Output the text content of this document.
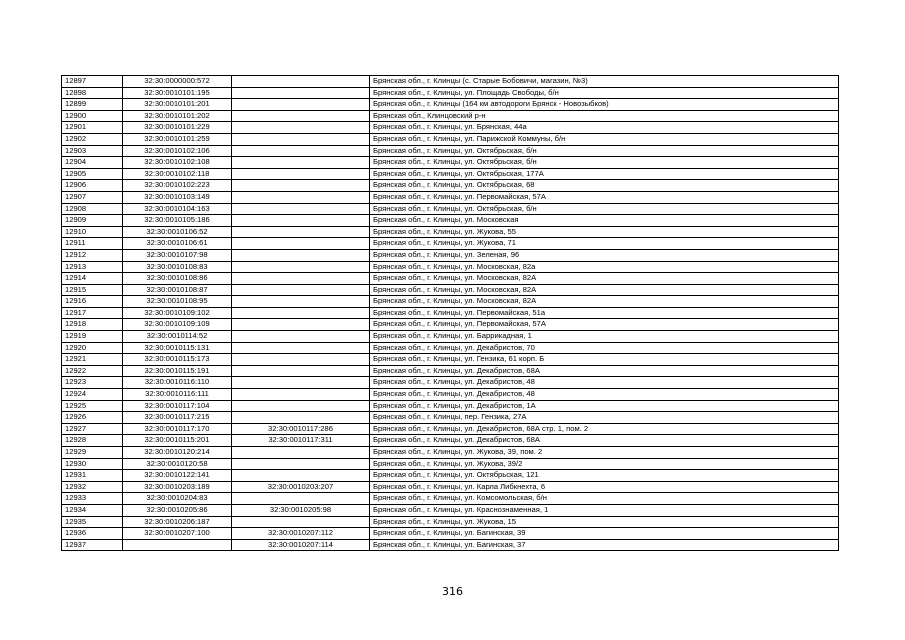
12897	32:30:0000000:572		Брянская обл., г. Клинцы (с. Старые Бобовичи, магазин, №3)
12898	32:30:0010101:195		Брянская обл., г. Клинцы, ул. Площадь Свободы, б/н
12899	32:30:0010101:201		Брянская обл., г. Клинцы (164 км автодороги Брянск - Новозыбков)
12900	32:30:0010101:202		Брянская обл., Клинцовский р-н
12901	32:30:0010101:229		Брянская обл., г. Клинцы, ул. Брянская, 44а
12902	32:30:0010101:259		Брянская обл., г. Клинцы, ул. Парижской Коммуны, б/н
12903	32:30:0010102:106		Брянская обл., г. Клинцы, ул. Октябрьская, б/н
12904	32:30:0010102:108		Брянская обл., г. Клинцы, ул. Октябрьская, б/н
12905	32:30:0010102:118		Брянская обл., г. Клинцы, ул. Октябрьская, 177А
12906	32:30:0010102:223		Брянская обл., г. Клинцы, ул. Октябрьская, 68
12907	32:30:0010103:149		Брянская обл., г. Клинцы, ул. Первомайская, 57А
12908	32:30:0010104:163		Брянская обл., г. Клинцы, ул. Октябрьская, б/н
12909	32:30:0010105:186		Брянская обл., г. Клинцы, ул. Московская
12910	32:30:0010106:52		Брянская обл., г. Клинцы, ул. Жукова, 55
12911	32:30:0010106:61		Брянская обл., г. Клинцы, ул. Жукова, 71
12912	32:30:0010107:98		Брянская обл., г. Клинцы, ул. Зеленая, 96
12913	32:30:0010108:83		Брянская обл., г. Клинцы, ул. Московская, 82а
12914	32:30:0010108:86		Брянская обл., г. Клинцы, ул. Московская, 82А
12915	32:30:0010108:87		Брянская обл., г. Клинцы, ул. Московская, 82А
12916	32:30:0010108:95		Брянская обл., г. Клинцы, ул. Московская, 82А
12917	32:30:0010109:102		Брянская обл., г. Клинцы, ул. Первомайская, 51а
12918	32:30:0010109:109		Брянская обл., г. Клинцы, ул. Первомайская, 57А
12919	32:30:0010114:52		Брянская обл., г. Клинцы, ул. Баррикадная, 1
12920	32:30:0010115:131		Брянская обл., г. Клинцы, ул. Декабристов, 70
12921	32:30:0010115:173		Брянская обл., г. Клинцы, ул. Гензика, 61 корп. Б
12922	32:30:0010115:191		Брянская обл., г. Клинцы, ул. Декабристов, 68А
12923	32:30:0010116:110		Брянская обл., г. Клинцы, ул. Декабристов, 48
12924	32:30:0010116:111		Брянская обл., г. Клинцы, ул. Декабристов, 48
12925	32:30:0010117:104		Брянская обл., г. Клинцы, ул. Декабристов, 1А
12926	32:30:0010117:215		Брянская обл., г. Клинцы, пер. Гензика, 27А
12927	32:30:0010117:170	32:30:0010117:286	Брянская обл., г. Клинцы, ул. Декабристов, 68А стр. 1, пом. 2
12928	32:30:0010115:201	32:30:0010117:311	Брянская обл., г. Клинцы, ул. Декабристов, 68А
12929	32:30:0010120:214		Брянская обл., г. Клинцы, ул. Жукова, 39, пом. 2
12930	32:30:0010120:58		Брянская обл., г. Клинцы, ул. Жукова, 39/2
12931	32:30:0010122:141		Брянская обл., г. Клинцы, ул. Октябрьская, 121
12932	32:30:0010203:189	32:30:0010203:207	Брянская обл., г. Клинцы, ул. Карла Либкнехта, 6
12933	32:30:0010204:83		Брянская обл., г. Клинцы, ул. Комсомольская, б/н
12934	32:30:0010205:86	32:30:0010205:98	Брянская обл., г. Клинцы, ул. Краснознаменная, 1
12935	32:30:0010206:187		Брянская обл., г. Клинцы, ул. Жукова, 15
12936	32:30:0010207:100	32:30:0010207:112	Брянская обл., г. Клинцы, ул. Багинская, 39
12937		32:30:0010207:114	Брянская обл., г. Клинцы, ул. Багинская, 37
316
